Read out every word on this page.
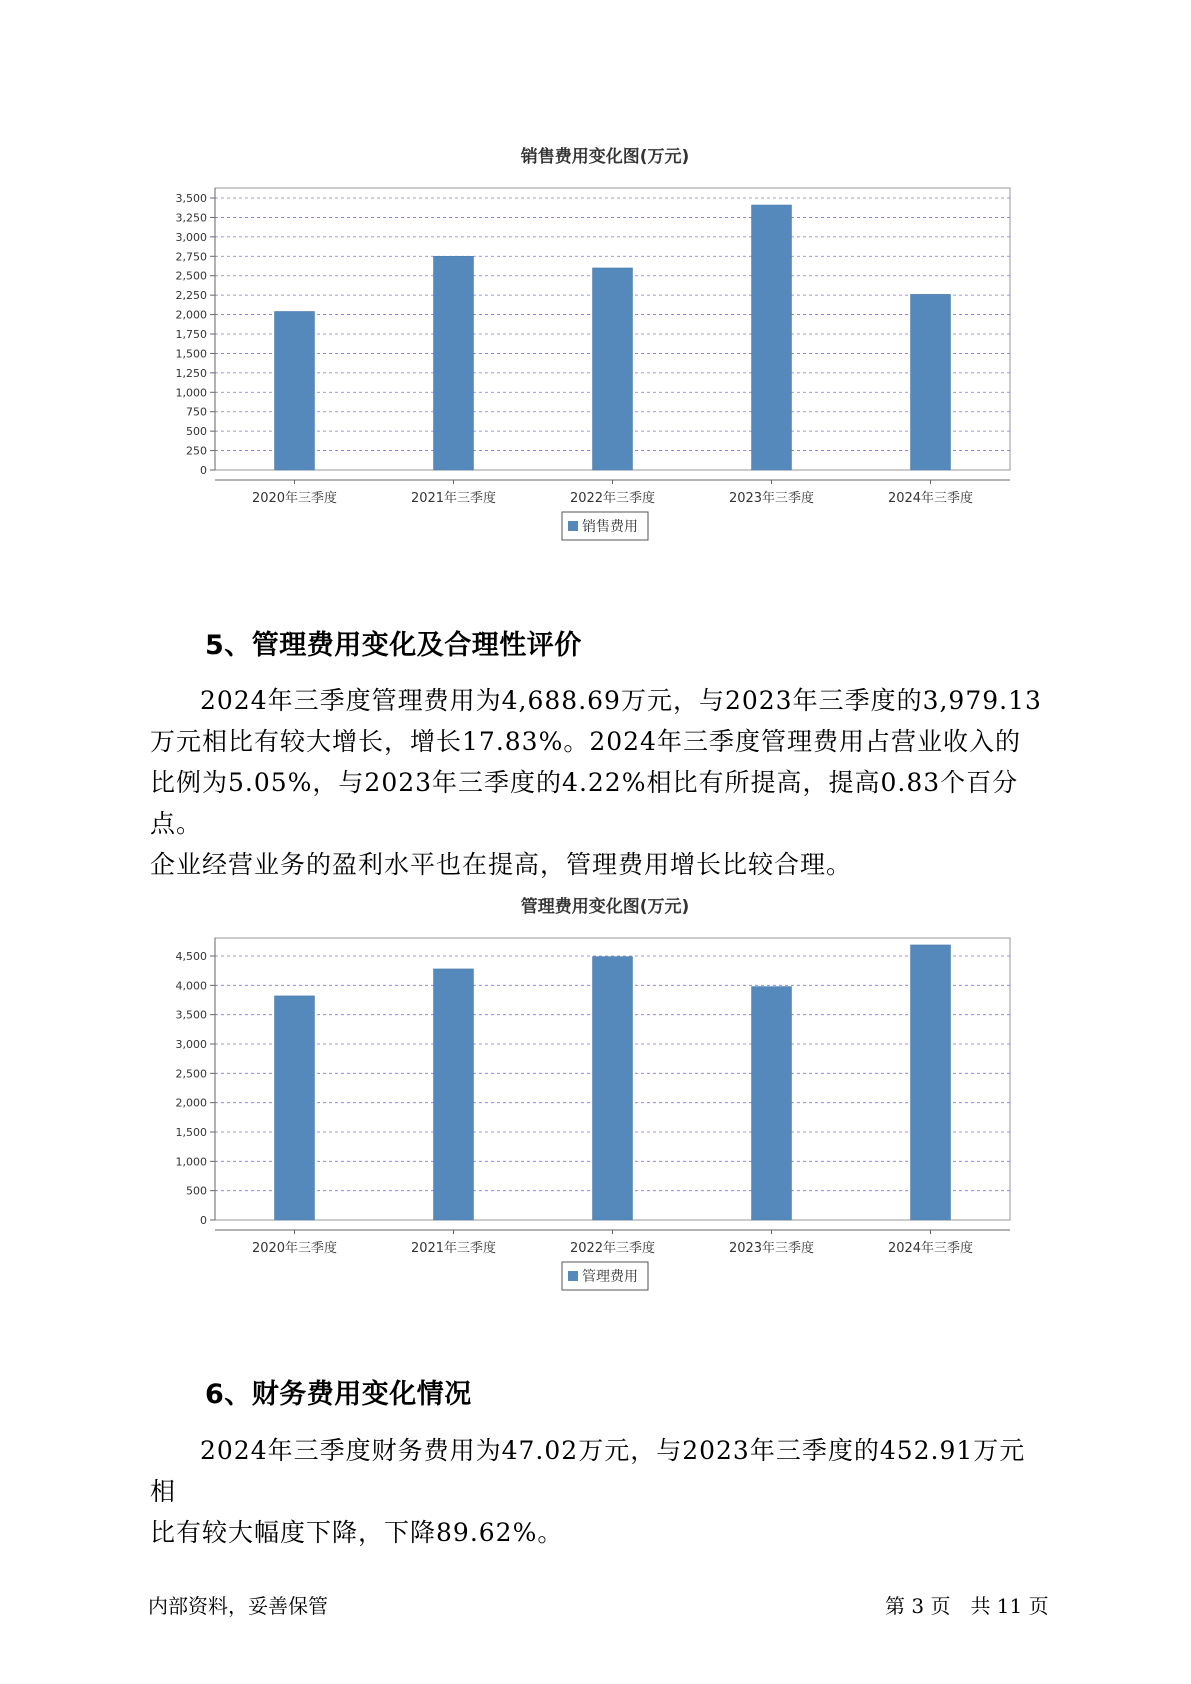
销售费用变化图(万元)
0
250
500
750
1,000
1,250
1,500
1,750
2,000
2,250
2,500
2,750
3,000
3,250
3,500
2020年三季度	2021年三季度	2022年三季度	2023年三季度	2024年三季度
销售费用
5、管理费用变化及合理性评价
2024年三季度管理费用为4,688.69万元，与2023年三季度的3,979.13
万元相比有较大增长，增长17.83%。2024年三季度管理费用占营业收入的
比例为5.05%，与2023年三季度的4.22%相比有所提高，提高0.83个百分点。
企业经营业务的盈利水平也在提高，管理费用增长比较合理。
管理费用变化图(万元)
0
500
1,000
1,500
2,000
2,500
3,000
3,500
4,000
4,500
2020年三季度	2021年三季度	2022年三季度	2023年三季度	2024年三季度
管理费用
6、财务费用变化情况
2024年三季度财务费用为47.02万元，与2023年三季度的452.91万元相
比有较大幅度下降，下降89.62%。
内部资料，妥善保管	第 3 页　共 11 页
